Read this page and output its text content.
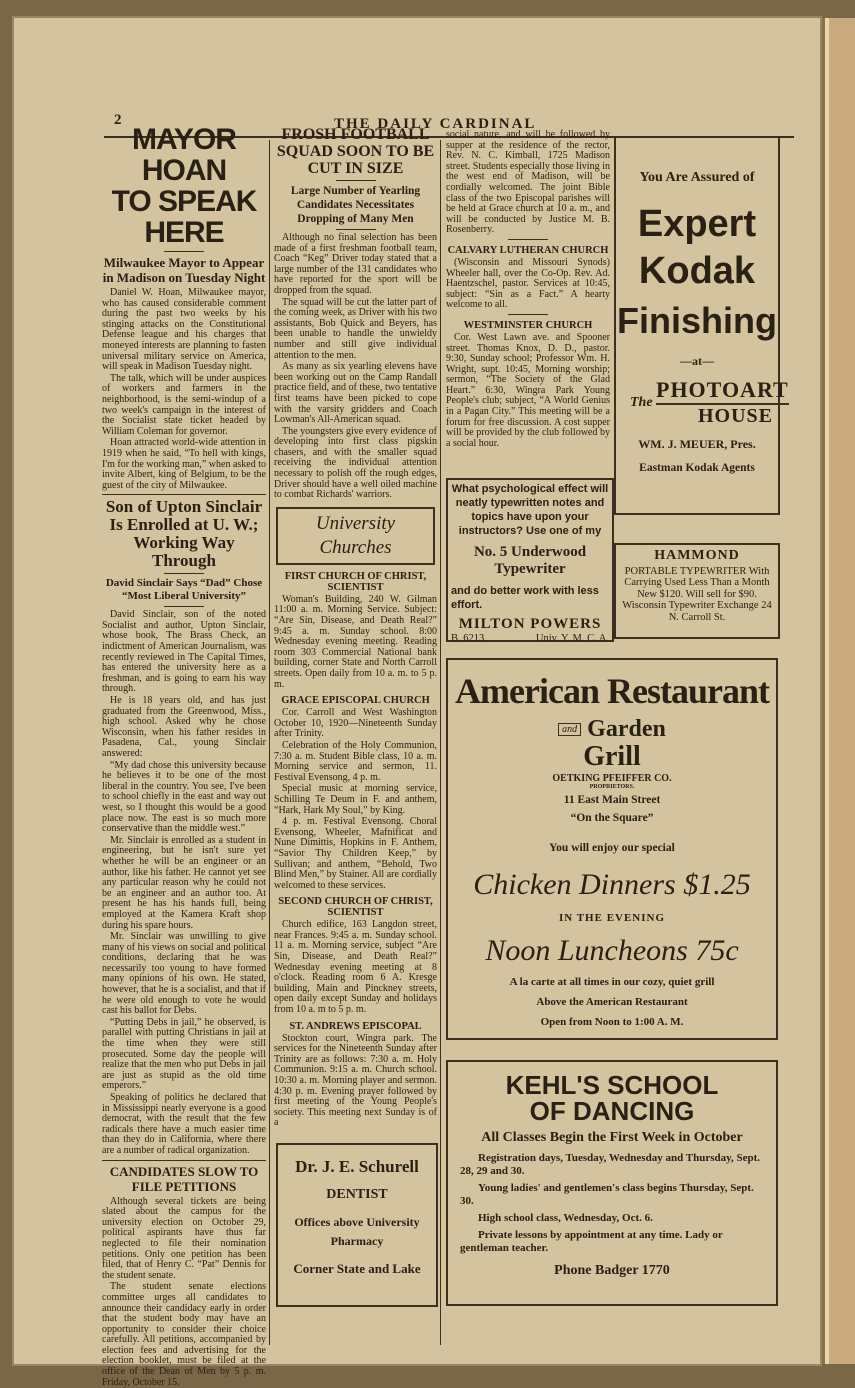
2	THE DAILY CARDINAL
MAYOR HOAN
TO SPEAK HERE
Milwaukee Mayor to Appear in Madison on Tuesday Night

Daniel W. Hoan, Milwaukee mayor, who has caused considerable comment during the past two weeks by his stinging attacks on the Constitutional Defense league and his charges that moneyed interests are planning to fasten universal military service on America, will speak in Madison Tuesday night.

The talk, which will be under auspices of workers and farmers in the neighborhood, is the semi-windup of a two week's campaign in the interest of the Socialist state ticket headed by William Coleman for governor.

Hoan attracted world-wide attention in 1919 when he said, “To hell with kings, I'm for the working man,” when asked to invite Albert, king of Belgium, to be the guest of the city of Milwaukee.

Son of Upton Sinclair Is Enrolled at U. W.; Working Way Through
David Sinclair Says “Dad” Chose “Most Liberal University”

David Sinclair, son of the noted Socialist and author, Upton Sinclair, whose book, The Brass Check, an indictment of American Journalism, was recently reviewed in The Capital Times, has entered the university here as a freshman, and is going to earn his way through.

He is 18 years old, and has just graduated from the Greenwood, Miss., high school. Asked why he chose Wisconsin, when his father resides in Pasadena, Cal., young Sinclair answered:

“My dad chose this university because he believes it to be one of the most liberal in the country. You see, I've been to school chiefly in the east and way out west, so I thought this would be a good place now. The east is so much more conservative than the middle west.”

Mr. Sinclair is enrolled as a student in engineering, but he isn't sure yet whether he will be an engineer or an author, like his father. He cannot yet see any particular reason why he could not be an engineer and an author too. At present he has his hands full, being employed at the Kamera Kraft shop during his spare hours.

Mr. Sinclair was unwilling to give many of his views on social and political conditions, declaring that he was necessarily too young to have formed many opinions of his own. He stated, however, that he is a socialist, and that if he were old enough to vote he would cast his ballot for Debs.

“Putting Debs in jail,” he observed, is parallel with putting Christians in jail at the time when they were still prosecuted. Some day the people will realize that the men who put Debs in jail are just as stupid as the old time emperors.”

Speaking of politics he declared that in Mississippi nearly everyone is a good democrat, with the result that the few radicals there have a much easier time than they do in California, where there are a number of radical organization.

CANDIDATES SLOW TO FILE PETITIONS

Although several tickets are being slated about the campus for the university election on October 29, political aspirants have thus far neglected to file their nomination petitions. Only one petition has been filed, that of Henry C. “Pat” Dennis for the student senate.

The student senate elections committee urges all candidates to announce their candidacy early in order that the student body may have an opportunity to consider their choice carefully. All petitions, accompanied by election fees and advertising for the election booklet, must be filed at the office of the Dean of Men by 5 p. m. Friday, October 15.

FROSH FOOTBALL SQUAD SOON TO BE CUT IN SIZE
Large Number of Yearling Candidates Necessitates Dropping of Many Men

Although no final selection has been made of a first freshman football team, Coach “Keg” Driver today stated that a large number of the 131 candidates who have reported for the sport will be dropped from the squad.

The squad will be cut the latter part of the coming week, as Driver with his two assistants, Bob Quick and Beyers, has been unable to handle the unwieldy number and still give individual attention to the men.

As many as six yearling elevens have been working out on the Camp Randall practice field, and of these, two tentative first teams have been picked to cope with the varsity gridders and Coach Lowman's All-American squad.

The youngsters give every evidence of developing into first class pigskin chasers, and with the smaller squad receiving the individual attention necessary to polish off the rough edges, Driver should have a well oiled machine to combat Richards' warriors.

University Churches
FIRST CHURCH OF CHRIST, SCIENTIST

Woman's Building, 240 W. Gilman 11:00 a. m. Morning Service. Subject: “Are Sin, Disease, and Death Real?” 9:45 a. m. Sunday school. 8:00 Wednesday evening meeting. Reading room 303 Commercial National bank building, corner State and North Carroll streets. Open daily from 10 a. m. to 5 p. m.

GRACE EPISCOPAL CHURCH

Cor. Carroll and West Washington October 10, 1920—Nineteenth Sunday after Trinity.

Celebration of the Holy Communion, 7:30 a. m. Student Bible class, 10 a. m. Morning service and sermon, 11. Festival Evensong, 4 p. m.

Special music at morning service, Schilling Te Deum in F. and anthem, “Hark, Hark My Soul,” by King.

4 p. m. Festival Evensong. Choral Evensong, Wheeler, Mafnificat and Nune Dimittis, Hopkins in F. Anthem, “Savior Thy Children Keep,” by Sullivan; and anthem, “Behold, Two Blind Men,” by Stainer. All are cordially welcomed to these services.

SECOND CHURCH OF CHRIST, SCIENTIST

Church edifice, 163 Langdon street, near Frances. 9:45 a. m. Sunday school. 11 a. m. Morning service, subject “Are Sin, Disease, and Death Real?” Wednesday evening meeting at 8 o'clock. Reading room 6 A. Kresge building, Main and Pinckney streets, open daily except Sunday and holidays from 10 a. m to 5 p. m.

ST. ANDREWS EPISCOPAL

Stockton court, Wingra park. The services for the Nineteenth Sunday after Trinity are as follows: 7:30 a. m. Holy Communion. 9:15 a. m. Church school. 10:30 a. m. Morning player and sermon. 4:30 p. m. Evening prayer followed by first meeting of the Young People's society. This meeting next Sunday is of a

Dr. J. E. Schurell
DENTIST
Offices above University Pharmacy
Corner State and Lake

social nature, and will be followed by supper at the residence of the rector, Rev. N. C. Kimball, 1725 Madison street. Students especially those living in the west end of Madison, will be cordially welcomed. The joint Bible class of the two Episcopal parishes will be held at Grace church at 10 a. m., and will be conducted by Justice M. B. Rosenberry.

CALVARY LUTHERAN CHURCH

(Wisconsin and Missouri Synods) Wheeler hall, over the Co-Op. Rev. Ad. Haentzschel, pastor. Services at 10:45, subject: “Sin as a Fact.” A hearty welcome to all.

WESTMINSTER CHURCH

Cor. West Lawn ave. and Spooner street. Thomas Knox, D. D., pastor. 9:30, Sunday school; Professor Wm. H. Wright, supt. 10:45, Morning worship; sermon, “The Society of the Glad Heart.” 6:30, Wingra Park Young People's club; subject, “A World Genius in a Pagan City.” This meeting will be a forum for free discussion. A cost supper will be provided by the club followed by a social hour.

What psychological effect will neatly typewritten notes and topics have upon your instructors? Use one of my
No. 5 Underwood Typewriter
and do better work with less effort.
MILTON POWERS
B. 6213	Univ. Y. M. C. A.
You Are Assured of
Expert
Kodak
Finishing
—at—
The
PHOTOART
HOUSE
WM. J. MEUER, Pres.
Eastman Kodak Agents
HAMMOND
PORTABLE TYPEWRITER With Carrying Used Less Than a Month New $120. Will sell for $90. Wisconsin Typewriter Exchange 24 N. Carroll St.
American Restaurant
and Garden
Grill
OETKING PFEIFFER CO.
PROPRIETORS.
11 East Main Street
“On the Square”
You will enjoy our special
Chicken Dinners $1.25
IN THE EVENING
Noon Luncheons 75c
A la carte at all times in our cozy, quiet grill
Above the American Restaurant
Open from Noon to 1:00 A. M.
KEHL'S SCHOOL
OF DANCING
All Classes Begin the First Week in October

Registration days, Tuesday, Wednesday and Thursday, Sept. 28, 29 and 30.

Young ladies' and gentlemen's class begins Thursday, Sept. 30.

High school class, Wednesday, Oct. 6.

Private lessons by appointment at any time. Lady or gentleman teacher.

Phone Badger 1770
